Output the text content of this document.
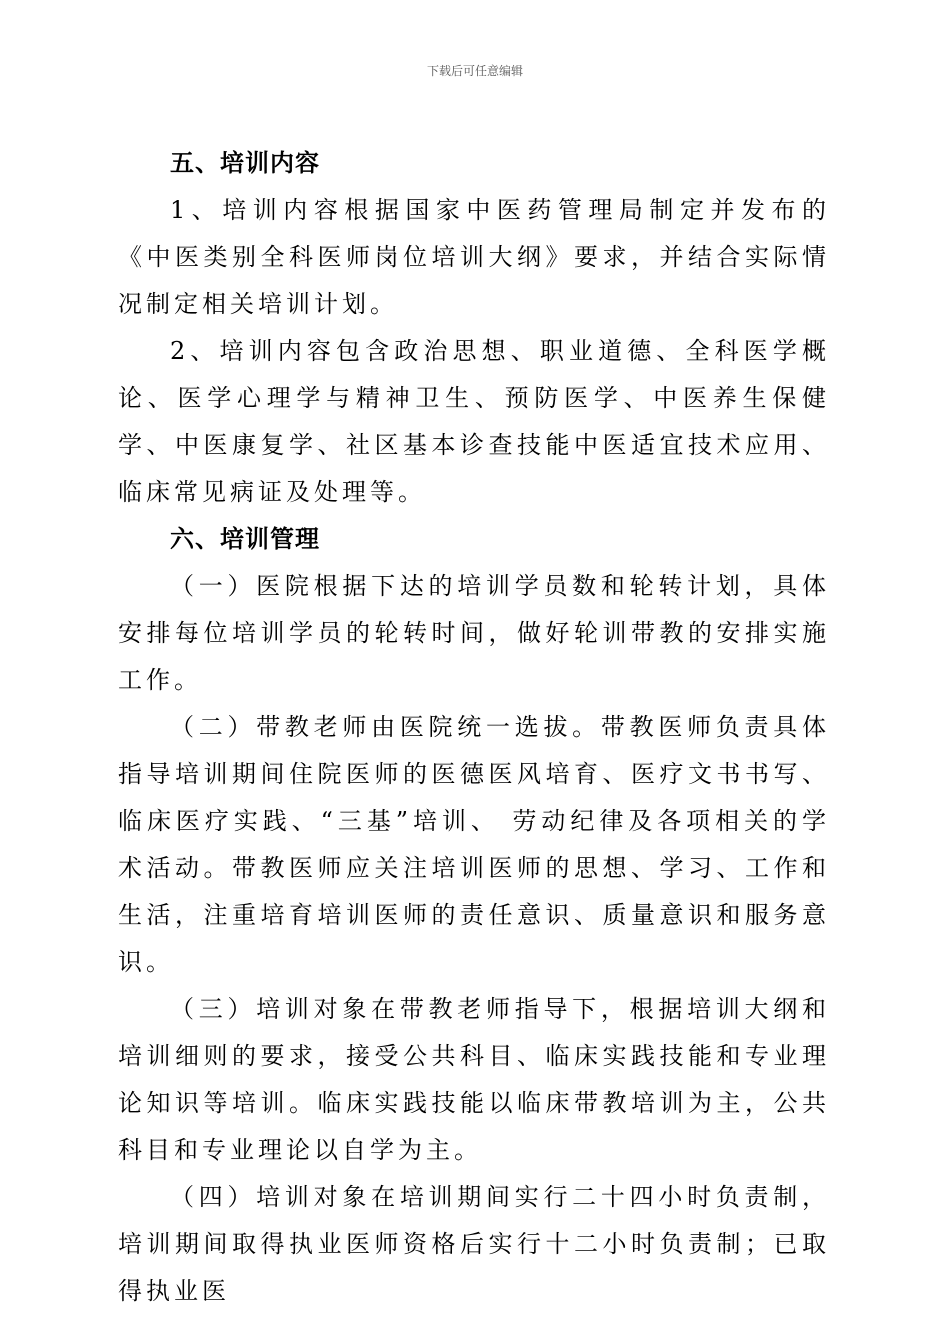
下载后可任意编辑
五、培训内容

1、培训内容根据国家中医药管理局制定并发布的《中医类别全科医师岗位培训大纲》要求，并结合实际情况制定相关培训计划。

2、培训内容包含政治思想、职业道德、全科医学概论、医学心理学与精神卫生、预防医学、中医养生保健学、中医康复学、社区基本诊查技能中医适宜技术应用、临床常见病证及处理等。

六、培训管理

（一）医院根据下达的培训学员数和轮转计划，具体安排每位培训学员的轮转时间，做好轮训带教的安排实施工作。

（二）带教老师由医院统一选拔。带教医师负责具体指导培训期间住院医师的医德医风培育、医疗文书书写、临床医疗实践、“三基”培训、 劳动纪律及各项相关的学术活动。带教医师应关注培训医师的思想、学习、工作和生活，注重培育培训医师的责任意识、质量意识和服务意识。

（三）培训对象在带教老师指导下，根据培训大纲和培训细则的要求，接受公共科目、临床实践技能和专业理论知识等培训。临床实践技能以临床带教培训为主，公共科目和专业理论以自学为主。

（四）培训对象在培训期间实行二十四小时负责制，培训期间取得执业医师资格后实行十二小时负责制；已取得执业医
